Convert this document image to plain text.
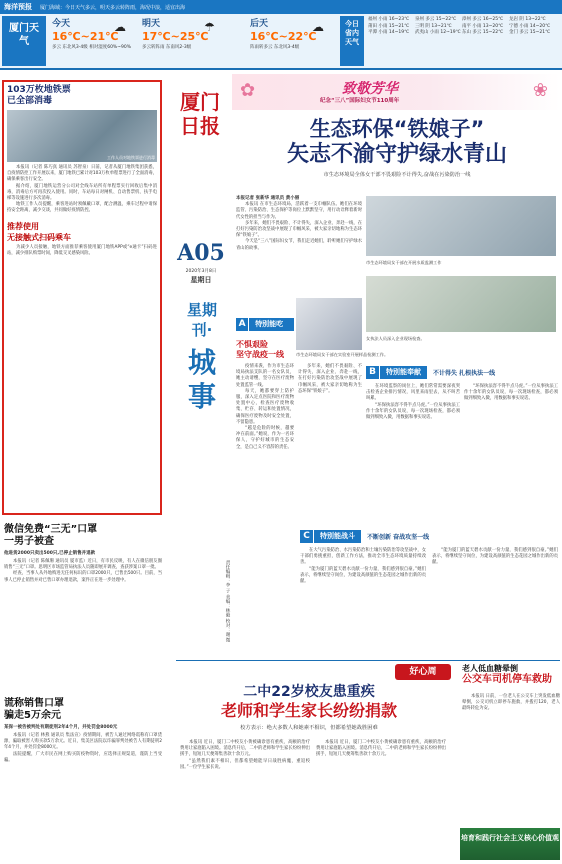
海洋预报 厦门海域：今日天气多云，明天多云转阵雨，海况中浪，适宜出海
厦门天气
今天
16℃~21℃
多云 东北风3-4级 相对湿度60%~90%
☁	明天
17℃~25℃
多云转阵雨 东南风2-3级
☂	后天
16℃~22℃
阵雨转多云 东北风3-4级
☁	今日省内天气
福州 小雨 16~23℃	泉州 多云 15~22℃	漳州 多云 16~25℃	龙岩 阴 13~22℃
莆田 小雨 15~21℃	三明 阴 13~21℃	南平 小雨 13~20℃	宁德 小雨 14~20℃
平潭 小雨 14~19℃	武夷山 小雨 12~19℃ 东山 多云 15~22℃	金门 多云 15~21℃
103万枚地铁票
已全部消毒
工作人员对地铁票进行消毒

本报讯（记者 陈巧真 通讯员 苏智泉）日前，记者从厦门地铁集团获悉，自疫情防控工作开展以来，厦门地铁已累计对103万枚单程票进行了全面消毒，确保乘客出行安全。

据介绍，厦门地铁运营分公司对全线车站所有单程票实行回收后集中消毒，消毒后方可再次投入使用。同时，车站每日对闸机、自动售票机、扶手电梯等设施进行多次消毒。

地铁工作人员提醒，乘客进站时须佩戴口罩，配合测温，乘车过程中请保持安全距离，减少交谈，共同做好疫情防控。

推荐使用
无接触式扫码乘车

为减少人员接触，地铁方面推荐乘客使用厦门地铁APP或“e通卡”扫码进站，减少排队购票时间，降低交叉感染风险。

微信免费“三无”口罩
一男子被查
他进货2000只卖出500只,已停止销售并退款

本报讯（记者 陈佩珊 通讯员 厦市监）近日，有市民反映，有人在微信朋友圈销售“三无”口罩。思明区市场监管局执法人员随即展开调查，查获涉案口罩一批。

经查，当事人从外地购进无任何标识的口罩2000只，已售出500只。目前，当事人已停止销售并对已售口罩办理退款，案件正在进一步处理中。

谎称销售口罩
骗走5万余元
某保一被告被判处有期徒刑2年4个月，并处罚金8000元

本报讯（记者 林燕 通讯员 集法宣）疫情期间，被告人通过网络谎称有口罩货源，骗取被害人购买款5万余元。近日，集美区法院以诈骗罪判处被告人有期徒刑2年4个月，并处罚金8000元。

法院提醒，广大市民在网上购买防疫物资时，应选择正规渠道，谨防上当受骗。

厦门日报
A05
2020年3月8日
星期日
星期刊·
城事
责任编辑：李 子 美编：林毅 校对：谢 微
致敬芳华
纪念“三八”国际妇女节110周年
✿	❀
生态环保“铁娘子”
矢志不渝守护绿水青山
市生态环境局全体女干部不畏艰险不计得失,奋战在污染防治一线
本报记者 张新华 通讯员 黄小丽

本报讯 在市生态环境局，活跃着一支巾帼队伍。她们在环境监管、污染防治、生态保护等岗位上默默坚守，用行动诠释着新时代女性的担当与作为。

多年来，她们不畏艰险、不计得失，深入企业、奔赴一线，在打好污染防治攻坚战中展现了巾帼风采，被大家亲切地称为生态环保“铁娘子”。

今天是“三八”国际妇女节，我们走近她们，聆听她们守护绿水青山的故事。

市生态环境局女干部在开展水质监测工作
女执法人员深入企业现场检查。
市生态环境局女干部在实验室开展样品检测工作。
A	特别能吃苦
不惧艰险
坚守战疫一线

疫情来袭，作为市生态环境局执法支队的一名女队员，她主动请缨，坚守在医疗废物处置监管一线。

每天，她都要穿上防护服，深入定点医院和医疗废物处置中心，检查医疗废物收集、贮存、转运和处置情况，确保医疗废物及时安全处置，不留隐患。

“越是危险的时候，越要冲在前面。”她说，作为一名环保人，守护好城市的生态安全，是自己义不容辞的责任。

多年来，她们不畏艰险、不计得失，深入企业、奔赴一线，在打好污染防治攻坚战中展现了巾帼风采，被大家亲切地称为生态环保“铁娘子”。

B	特别能奉献	不计得失 扎根执法一线

在环境监察的岗位上，她们常常需要深夜突击检查企业排污情况，风里来雨里去，从不叫苦叫累。

“环保执法容不得半点马虎。”一位从事执法工作十余年的女队员说，每一次现场检查，都必须做到细致入微，用数据和事实说话。

“环保执法容不得半点马虎。”一位从事执法工作十余年的女队员说，每一次现场检查，都必须做到细致入微，用数据和事实说话。

C	特别能战斗	不断创新 奋战攻坚一线

在大气污染防治、水污染防治和土壤污染防治等攻坚战中，女干部们勇挑重担，创新工作方法，推动全市生态环境质量持续改善。

“能为厦门的蓝天碧水贡献一份力量，我们感到很自豪。”她们表示，将继续坚守岗位，为建设高颜值的生态花园之城作出新的贡献。

“能为厦门的蓝天碧水贡献一份力量，我们感到很自豪。”她们表示，将继续坚守岗位，为建设高颜值的生态花园之城作出新的贡献。

二中22岁校友患重疾
老师和学生家长纷纷捐款
校方表示：绝大多数人和她素不相识，但都希望她战胜困难
好心周

本报讯 近日，厦门二中校友小黄被确诊患有重疾，高额的治疗费用让家庭陷入困境。消息传开后，二中的老师和学生家长纷纷伸出援手，短短几天便筹集善款十余万元。

“虽然我们素不相识，但都希望她能早日战胜病魔，重返校园。”一位学生家长说。

本报讯 近日，厦门二中校友小黄被确诊患有重疾，高额的治疗费用让家庭陷入困境。消息传开后，二中的老师和学生家长纷纷伸出援手，短短几天便筹集善款十余万元。

老人低血糖晕倒
公交车司机停车救助

本报讯 日前，一位老人在公交车上突发低血糖晕倒，公交司机立即停车施救，并拨打120，老人最终转危为安。

培育和践行社会主义核心价值观
